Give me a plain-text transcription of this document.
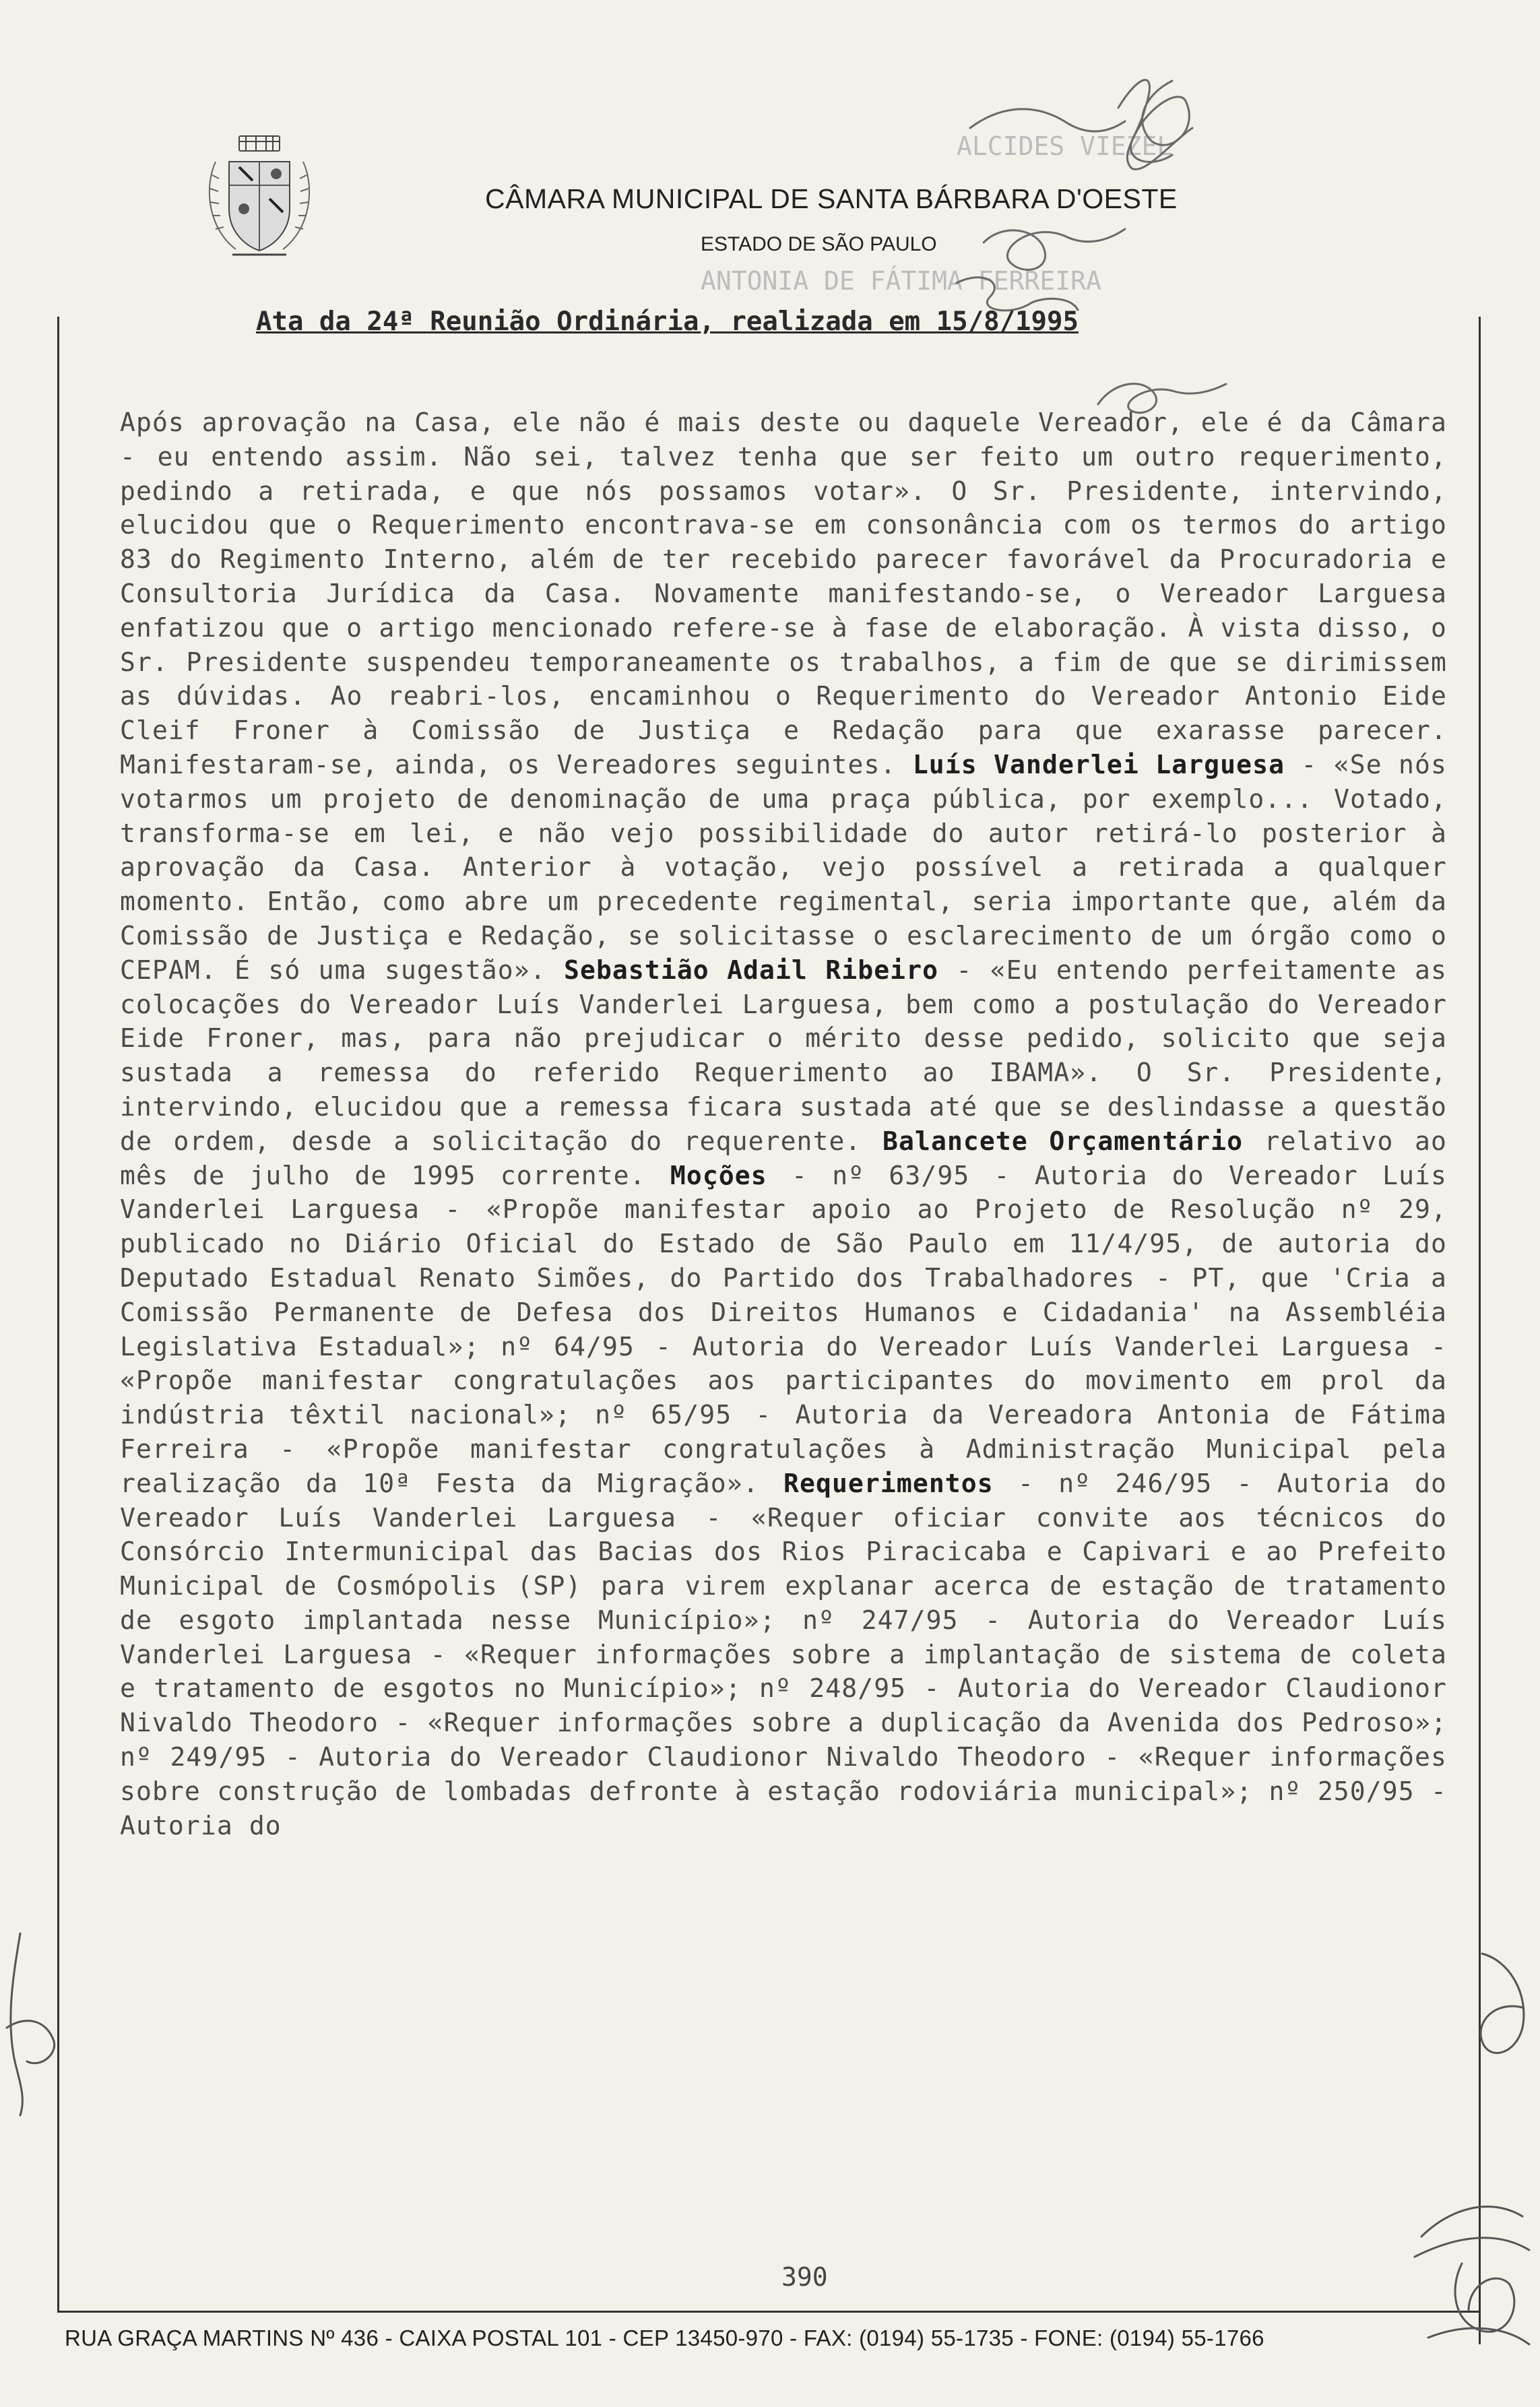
CÂMARA MUNICIPAL DE SANTA BÁRBARA D'OESTE
ESTADO DE SÃO PAULO
ALCIDES VIEZEL
ANTONIA DE FÁTIMA FERREIRA
Ata da 24ª Reunião Ordinária, realizada em 15/8/1995
Após aprovação na Casa, ele não é mais deste ou daquele Vereador, ele é da Câmara - eu entendo assim. Não sei, talvez tenha que ser feito um outro requerimento, pedindo a retirada, e que nós possamos votar». O Sr. Presidente, intervindo, elucidou que o Requerimento encontrava-se em consonância com os termos do artigo 83 do Regimento Interno, além de ter recebido parecer favorável da Procuradoria e Consultoria Jurídica da Casa. Novamente manifestando-se, o Vereador Larguesa enfatizou que o artigo mencionado refere-se à fase de elaboração. À vista disso, o Sr. Presidente suspendeu temporaneamente os trabalhos, a fim de que se dirimissem as dúvidas. Ao reabri-los, encaminhou o Requerimento do Vereador Antonio Eide Cleif Froner à Comissão de Justiça e Redação para que exarasse parecer. Manifestaram-se, ainda, os Vereadores seguintes. Luís Vanderlei Larguesa - «Se nós votarmos um projeto de denominação de uma praça pública, por exemplo... Votado, transforma-se em lei, e não vejo possibilidade do autor retirá-lo posterior à aprovação da Casa. Anterior à votação, vejo possível a retirada a qualquer momento. Então, como abre um precedente regimental, seria importante que, além da Comissão de Justiça e Redação, se solicitasse o esclarecimento de um órgão como o CEPAM. É só uma sugestão». Sebastião Adail Ribeiro - «Eu entendo perfeitamente as colocações do Vereador Luís Vanderlei Larguesa, bem como a postulação do Vereador Eide Froner, mas, para não prejudicar o mérito desse pedido, solicito que seja sustada a remessa do referido Requerimento ao IBAMA». O Sr. Presidente, intervindo, elucidou que a remessa ficara sustada até que se deslindasse a questão de ordem, desde a solicitação do requerente. Balancete Orçamentário relativo ao mês de julho de 1995 corrente. Moções - nº 63/95 - Autoria do Vereador Luís Vanderlei Larguesa - «Propõe manifestar apoio ao Projeto de Resolução nº 29, publicado no Diário Oficial do Estado de São Paulo em 11/4/95, de autoria do Deputado Estadual Renato Simões, do Partido dos Trabalhadores - PT, que 'Cria a Comissão Permanente de Defesa dos Direitos Humanos e Cidadania' na Assembléia Legislativa Estadual»; nº 64/95 - Autoria do Vereador Luís Vanderlei Larguesa - «Propõe manifestar congratulações aos participantes do movimento em prol da indústria têxtil nacional»; nº 65/95 - Autoria da Vereadora Antonia de Fátima Ferreira - «Propõe manifestar congratulações à Administração Municipal pela realização da 10ª Festa da Migração». Requerimentos - nº 246/95 - Autoria do Vereador Luís Vanderlei Larguesa - «Requer oficiar convite aos técnicos do Consórcio Intermunicipal das Bacias dos Rios Piracicaba e Capivari e ao Prefeito Municipal de Cosmópolis (SP) para virem explanar acerca de estação de tratamento de esgoto implantada nesse Município»; nº 247/95 - Autoria do Vereador Luís Vanderlei Larguesa - «Requer informações sobre a implantação de sistema de coleta e tratamento de esgotos no Município»; nº 248/95 - Autoria do Vereador Claudionor Nivaldo Theodoro - «Requer informações sobre a duplicação da Avenida dos Pedroso»; nº 249/95 - Autoria do Vereador Claudionor Nivaldo Theodoro - «Requer informações sobre construção de lombadas defronte à estação rodoviária municipal»; nº 250/95 - Autoria do
390
RUA GRAÇA MARTINS Nº 436 - CAIXA POSTAL 101 - CEP 13450-970 - FAX: (0194) 55-1735 - FONE: (0194) 55-1766
